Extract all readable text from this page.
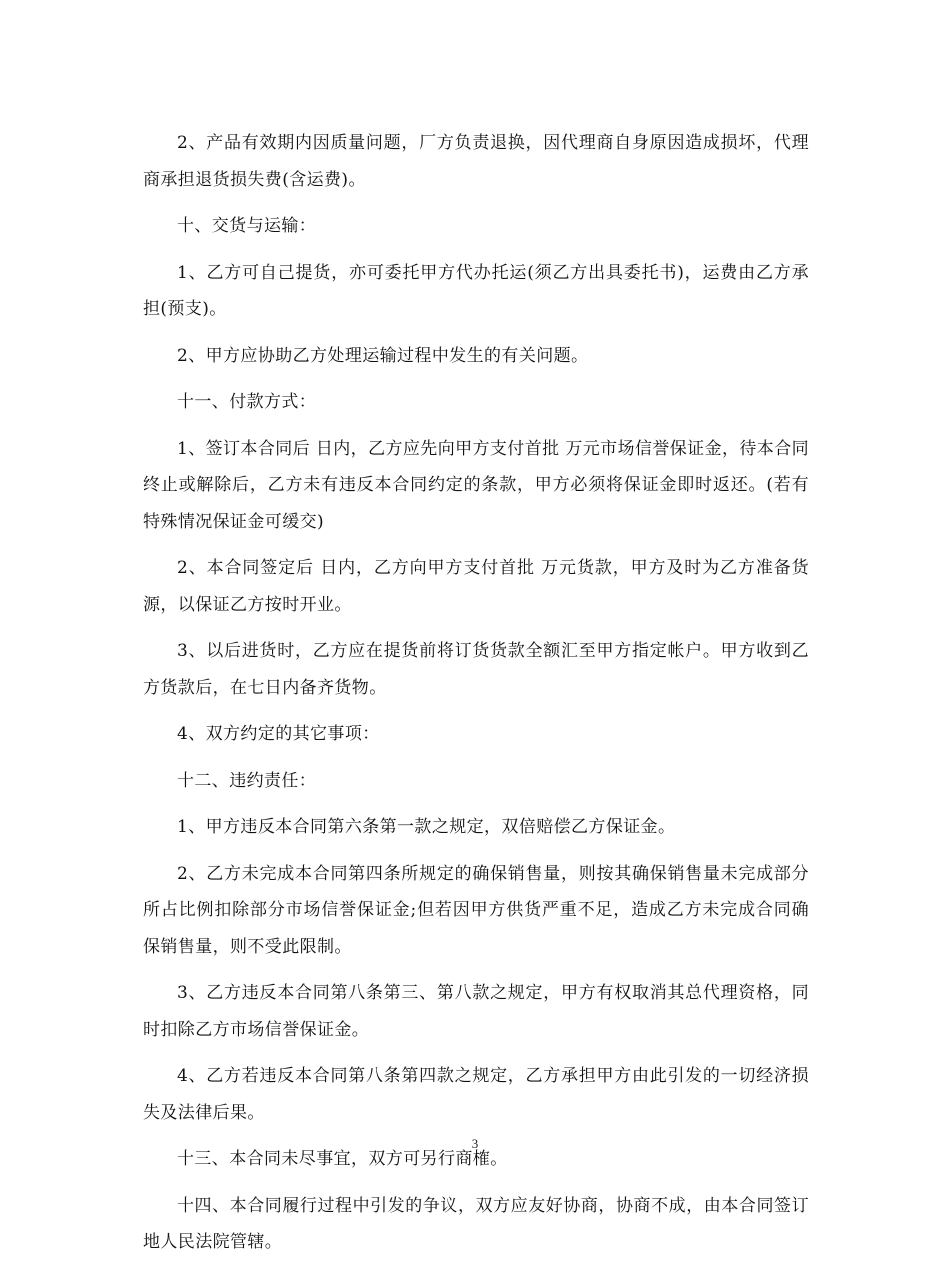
2、产品有效期内因质量问题，厂方负责退换，因代理商自身原因造成损坏，代理商承担退货损失费(含运费)。

十、交货与运输：

1、乙方可自己提货，亦可委托甲方代办托运(须乙方出具委托书)，运费由乙方承担(预支)。

2、甲方应协助乙方处理运输过程中发生的有关问题。

十一、付款方式：

1、签订本合同后 日内，乙方应先向甲方支付首批 万元市场信誉保证金，待本合同终止或解除后，乙方未有违反本合同约定的条款，甲方必须将保证金即时返还。(若有特殊情况保证金可缓交)

2、本合同签定后 日内，乙方向甲方支付首批 万元货款，甲方及时为乙方准备货源，以保证乙方按时开业。

3、以后进货时，乙方应在提货前将订货货款全额汇至甲方指定帐户。甲方收到乙方货款后，在七日内备齐货物。

4、双方约定的其它事项：

十二、违约责任：

1、甲方违反本合同第六条第一款之规定，双倍赔偿乙方保证金。

2、乙方未完成本合同第四条所规定的确保销售量，则按其确保销售量未完成部分所占比例扣除部分市场信誉保证金;但若因甲方供货严重不足，造成乙方未完成合同确保销售量，则不受此限制。

3、乙方违反本合同第八条第三、第八款之规定，甲方有权取消其总代理资格，同时扣除乙方市场信誉保证金。

4、乙方若违反本合同第八条第四款之规定，乙方承担甲方由此引发的一切经济损失及法律后果。

十三、本合同未尽事宜，双方可另行商榷。

十四、本合同履行过程中引发的争议，双方应友好协商，协商不成，由本合同签订地人民法院管辖。

3
